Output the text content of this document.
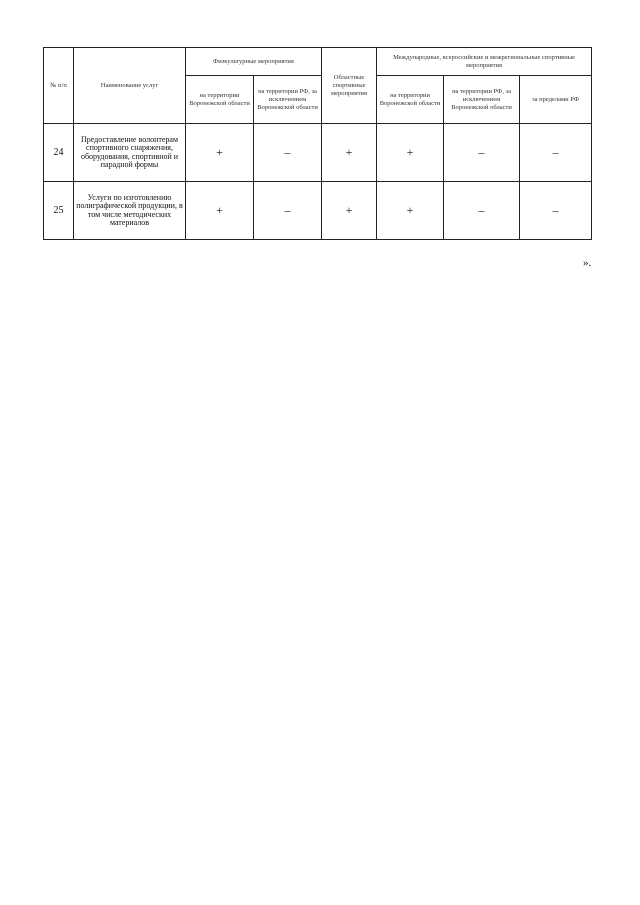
№ п/п	Наименование услуг	Физкультурные мероприятия		Областные спортивные мероприятия	Международные, всероссийские и межрегиональные спортивные мероприятия		
		на территории Воронежской области	на территории РФ, за исключением Воронежской области		на территории Воронежской области	на территории РФ, за исключением Воронежской области	за пределами РФ
24	Предоставление волонтерам спортивного снаряжения, оборудования, спортивной и парадной формы	+	–	+	+	–	–
25	Услуги по изготовлению полиграфической продукции, в том числе методических материалов	+	–	+	+	–	–
».
